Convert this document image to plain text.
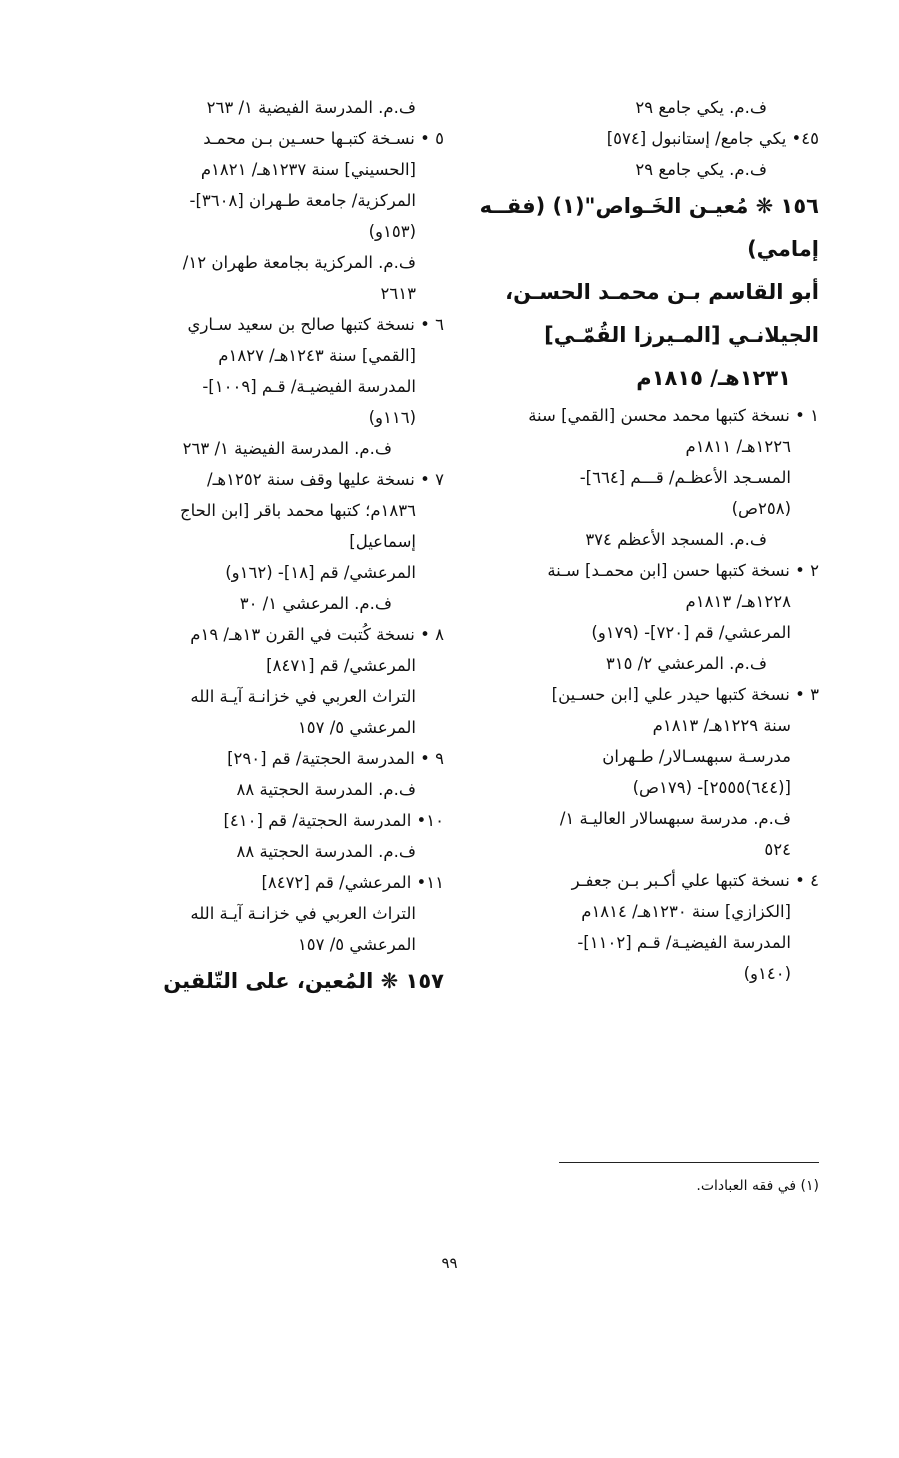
ف.م. يكي جامع ٢٩
٤٥• يكي جامع/ إستانبول [٥٧٤]
ف.م. يكي جامع ٢٩
١٥٦ ❋ مُعيـن الخَـواص"(١) (فقــه
إمامي)
أبو القاسم بـن محمـد الحسـن،
الجيلانـي [المـيرزا القُمّـي]
١٢٣١هـ/ ١٨١٥م
١ • نسخة كتبها محمد محسن [القمي] سنة
١٢٢٦هـ/ ١٨١١م
المسـجد الأعظـم/ قـــم [٦٦٤]-
(٢٥٨ص)
ف.م. المسجد الأعظم ٣٧٤
٢ • نسخة كتبها حسن [ابن محمـد] سـنة
١٢٢٨هـ/ ١٨١٣م
المرعشي/ قم [٧٢٠]- (١٧٩و)
ف.م. المرعشي ٢/ ٣١٥
٣ • نسخة كتبها حيدر علي [ابن حسـين]
سنة ١٢٢٩هـ/ ١٨١٣م
مدرسـة سبهسـالار/ طـهران
[(٦٤٤)٢٥٥٥]- (١٧٩ص)
ف.م. مدرسة سبهسالار العاليـة ١/
٥٢٤
٤ • نسخة كتبها علي أكـبر بـن جعفـر
[الكزازي] سنة ١٢٣٠هـ/ ١٨١٤م
المدرسة الفيضيـة/ قـم [١١٠٢]-
(١٤٠و)
ف.م. المدرسة الفيضية ١/ ٢٦٣
٥ • نسـخة كتبـها حسـين بـن محمـد
[الحسيني] سنة ١٢٣٧هـ/ ١٨٢١م
المركزية/ جامعة طـهران [٣٦٠٨]-
(١٥٣و)
ف.م. المركزية بجامعة طهران ١٢/
٢٦١٣
٦ • نسخة كتبها صالح بن سعيد سـاري
[القمي] سنة ١٢٤٣هـ/ ١٨٢٧م
المدرسة الفيضيـة/ قـم [١٠٠٩]-
(١١٦و)
ف.م. المدرسة الفيضية ١/ ٢٦٣
٧ • نسخة عليها وقف سنة ١٢٥٢هـ/
١٨٣٦م؛ كتبها محمد باقر [ابن الحاج
إسماعيل]
المرعشي/ قم [١٨]- (١٦٢و)
ف.م. المرعشي ١/ ٣٠
٨ • نسخة كُتبت في القرن ١٣هـ/ ١٩م
المرعشي/ قم [٨٤٧١]
التراث العربي في خزانـة آيـة الله
المرعشي ٥/ ١٥٧
٩ • المدرسة الحجتية/ قم [٢٩٠]
ف.م. المدرسة الحجتية ٨٨
١٠• المدرسة الحجتية/ قم [٤١٠]
ف.م. المدرسة الحجتية ٨٨
١١• المرعشي/ قم [٨٤٧٢]
التراث العربي في خزانـة آيـة الله
المرعشي ٥/ ١٥٧
١٥٧ ❋ المُعين، على التّلقين
(١) في فقه العبادات.
٩٩
